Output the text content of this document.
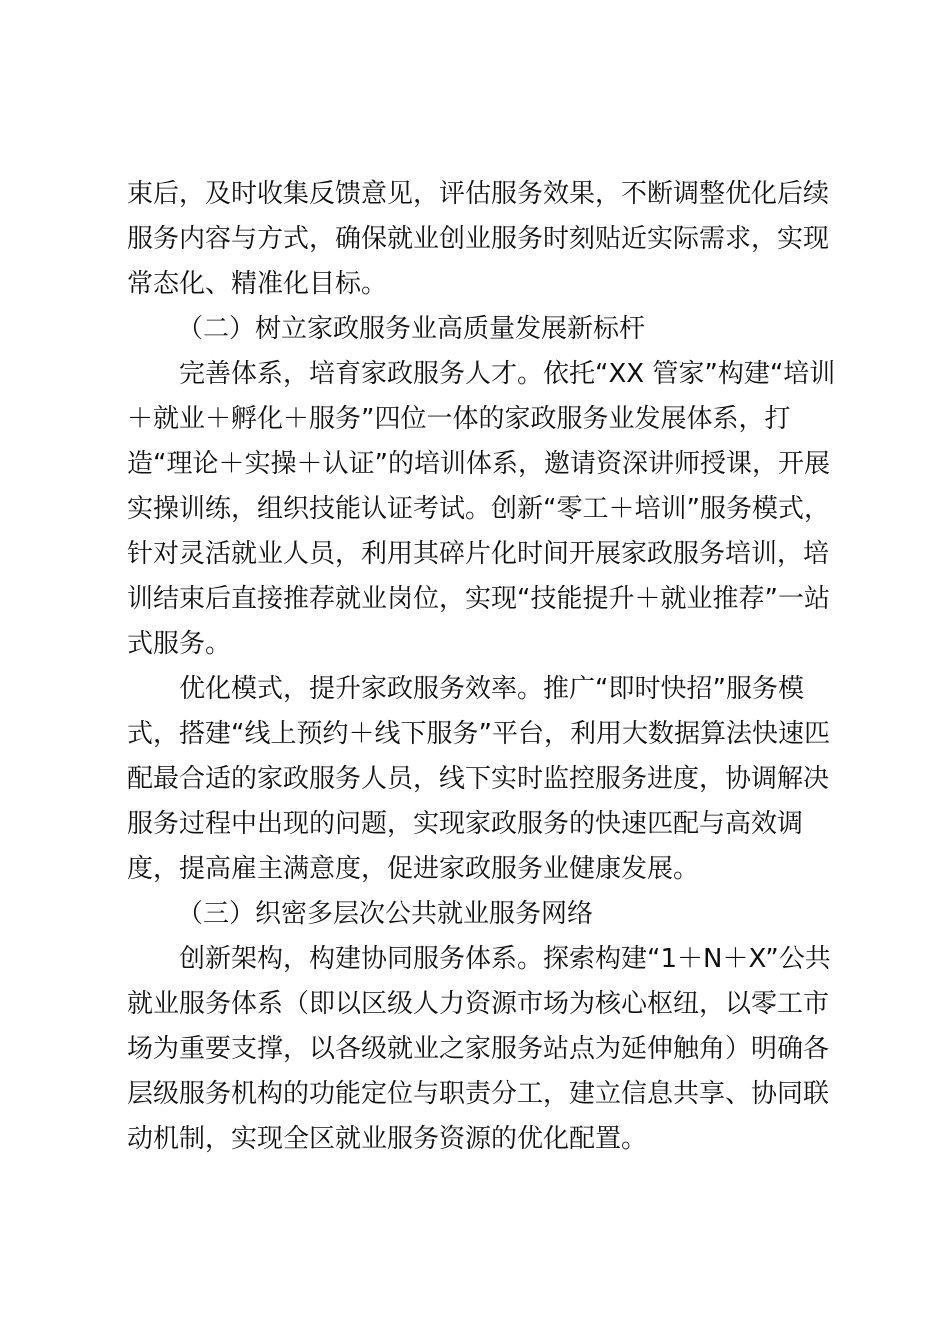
束后，及时收集反馈意见，评估服务效果，不断调整优化后续
服务内容与方式，确保就业创业服务时刻贴近实际需求，实现
常态化、精准化目标。
（二）树立家政服务业高质量发展新标杆
完善体系，培育家政服务人才。依托“XX 管家”构建“培训
＋就业＋孵化＋服务”四位一体的家政服务业发展体系，打
造“理论＋实操＋认证”的培训体系，邀请资深讲师授课，开展
实操训练，组织技能认证考试。创新“零工＋培训”服务模式，
针对灵活就业人员，利用其碎片化时间开展家政服务培训，培
训结束后直接推荐就业岗位，实现“技能提升＋就业推荐”一站
式服务。
优化模式，提升家政服务效率。推广“即时快招”服务模
式，搭建“线上预约＋线下服务”平台，利用大数据算法快速匹
配最合适的家政服务人员，线下实时监控服务进度，协调解决
服务过程中出现的问题，实现家政服务的快速匹配与高效调
度，提高雇主满意度，促进家政服务业健康发展。
（三）织密多层次公共就业服务网络
创新架构，构建协同服务体系。探索构建“1＋N＋X”公共
就业服务体系（即以区级人力资源市场为核心枢纽，以零工市
场为重要支撑，以各级就业之家服务站点为延伸触角）明确各
层级服务机构的功能定位与职责分工，建立信息共享、协同联
动机制，实现全区就业服务资源的优化配置。
